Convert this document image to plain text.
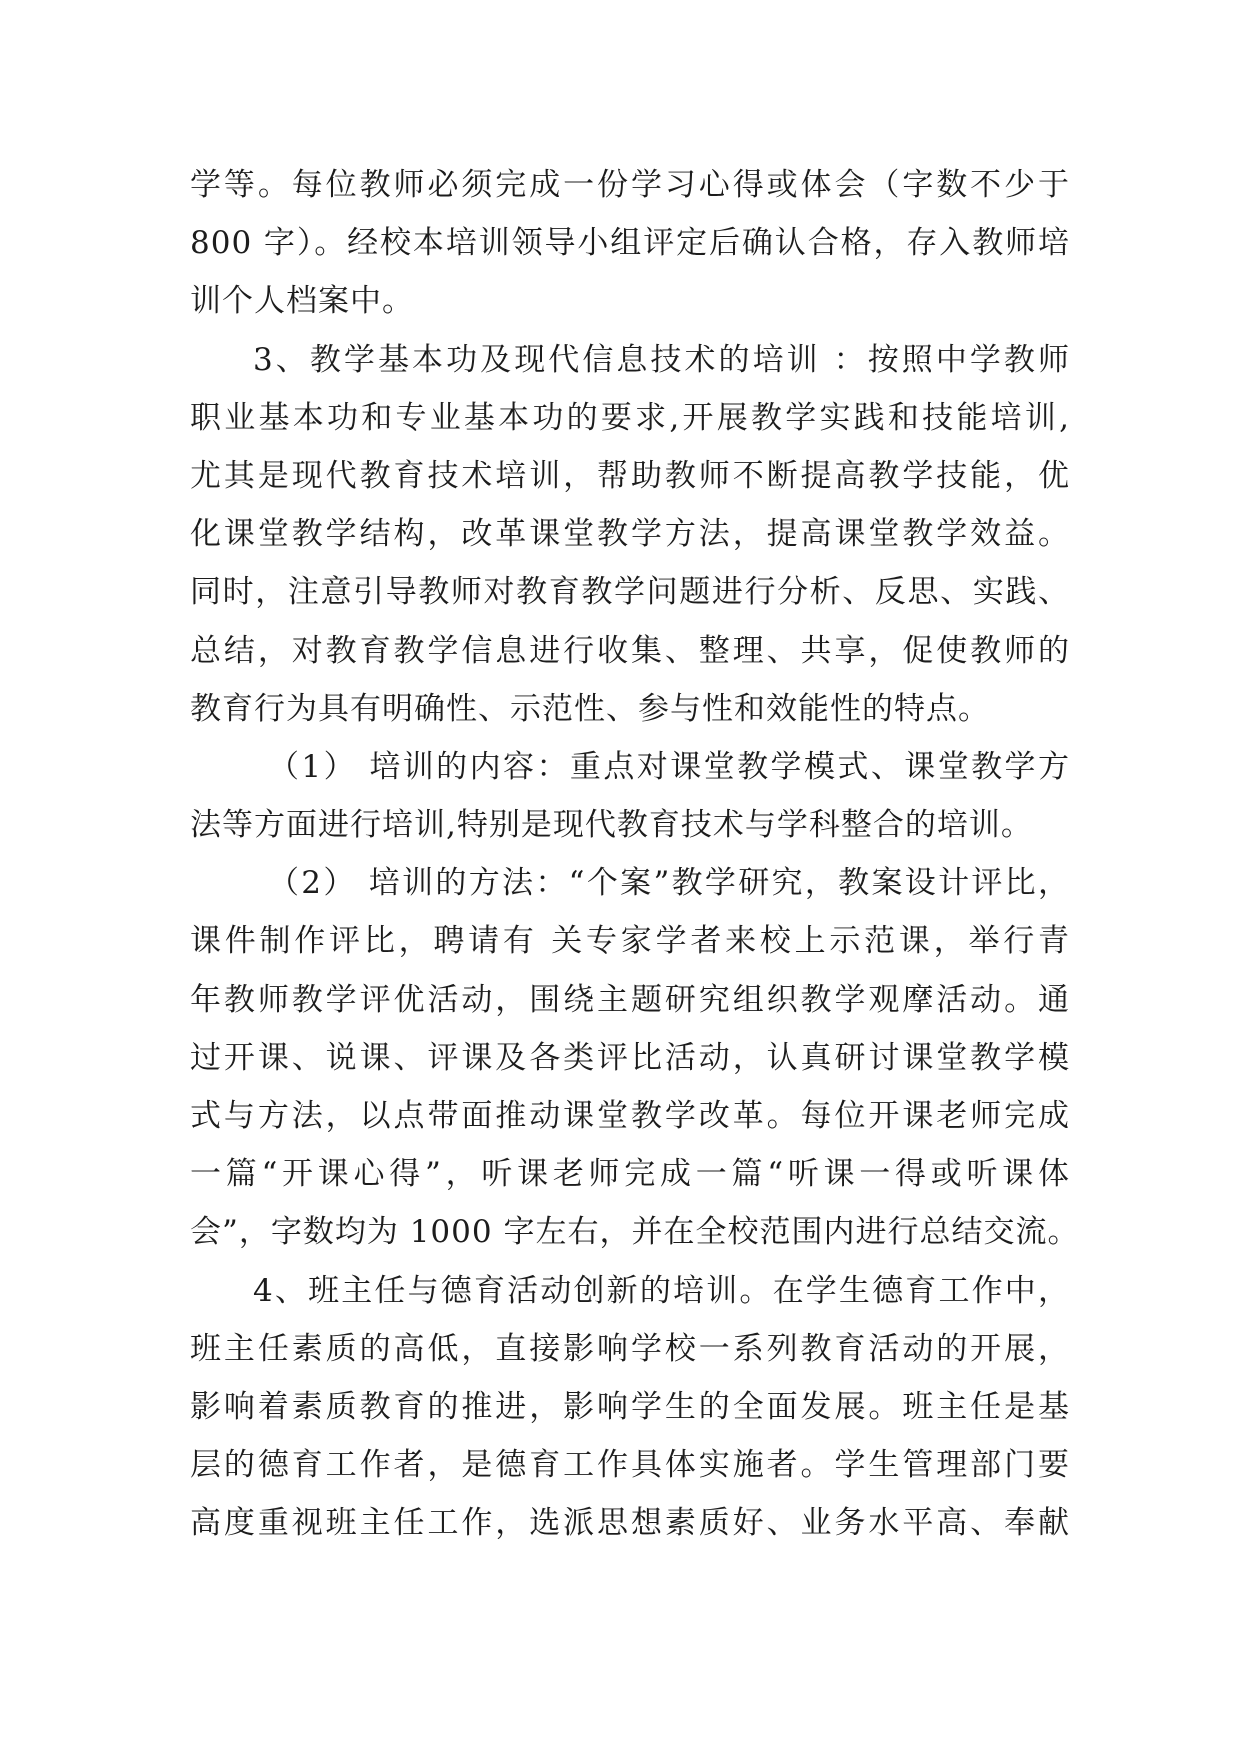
学等。每位教师必须完成一份学习心得或体会（字数不少于
800 字）。经校本培训领导小组评定后确认合格，存入教师培
训个人档案中。
3、教学基本功及现代信息技术的培训 ：按照中学教师
职业基本功和专业基本功的要求,开展教学实践和技能培训,
尤其是现代教育技术培训，帮助教师不断提高教学技能，优
化课堂教学结构，改革课堂教学方法，提高课堂教学效益。
同时，注意引导教师对教育教学问题进行分析、反思、实践、
总结，对教育教学信息进行收集、整理、共享，促使教师的
教育行为具有明确性、示范性、参与性和效能性的特点。
（1） 培训的内容：重点对课堂教学模式、课堂教学方
法等方面进行培训,特别是现代教育技术与学科整合的培训。
（2） 培训的方法：“个案”教学研究，教案设计评比，
课件制作评比，聘请有 关专家学者来校上示范课，举行青
年教师教学评优活动，围绕主题研究组织教学观摩活动。通
过开课、说课、评课及各类评比活动，认真研讨课堂教学模
式与方法，以点带面推动课堂教学改革。每位开课老师完成
一篇“开课心得”，听课老师完成一篇“听课一得或听课体
会”，字数均为 1000 字左右，并在全校范围内进行总结交流。
4、班主任与德育活动创新的培训。在学生德育工作中，
班主任素质的高低，直接影响学校一系列教育活动的开展，
影响着素质教育的推进，影响学生的全面发展。班主任是基
层的德育工作者，是德育工作具体实施者。学生管理部门要
高度重视班主任工作，选派思想素质好、业务水平高、奉献
